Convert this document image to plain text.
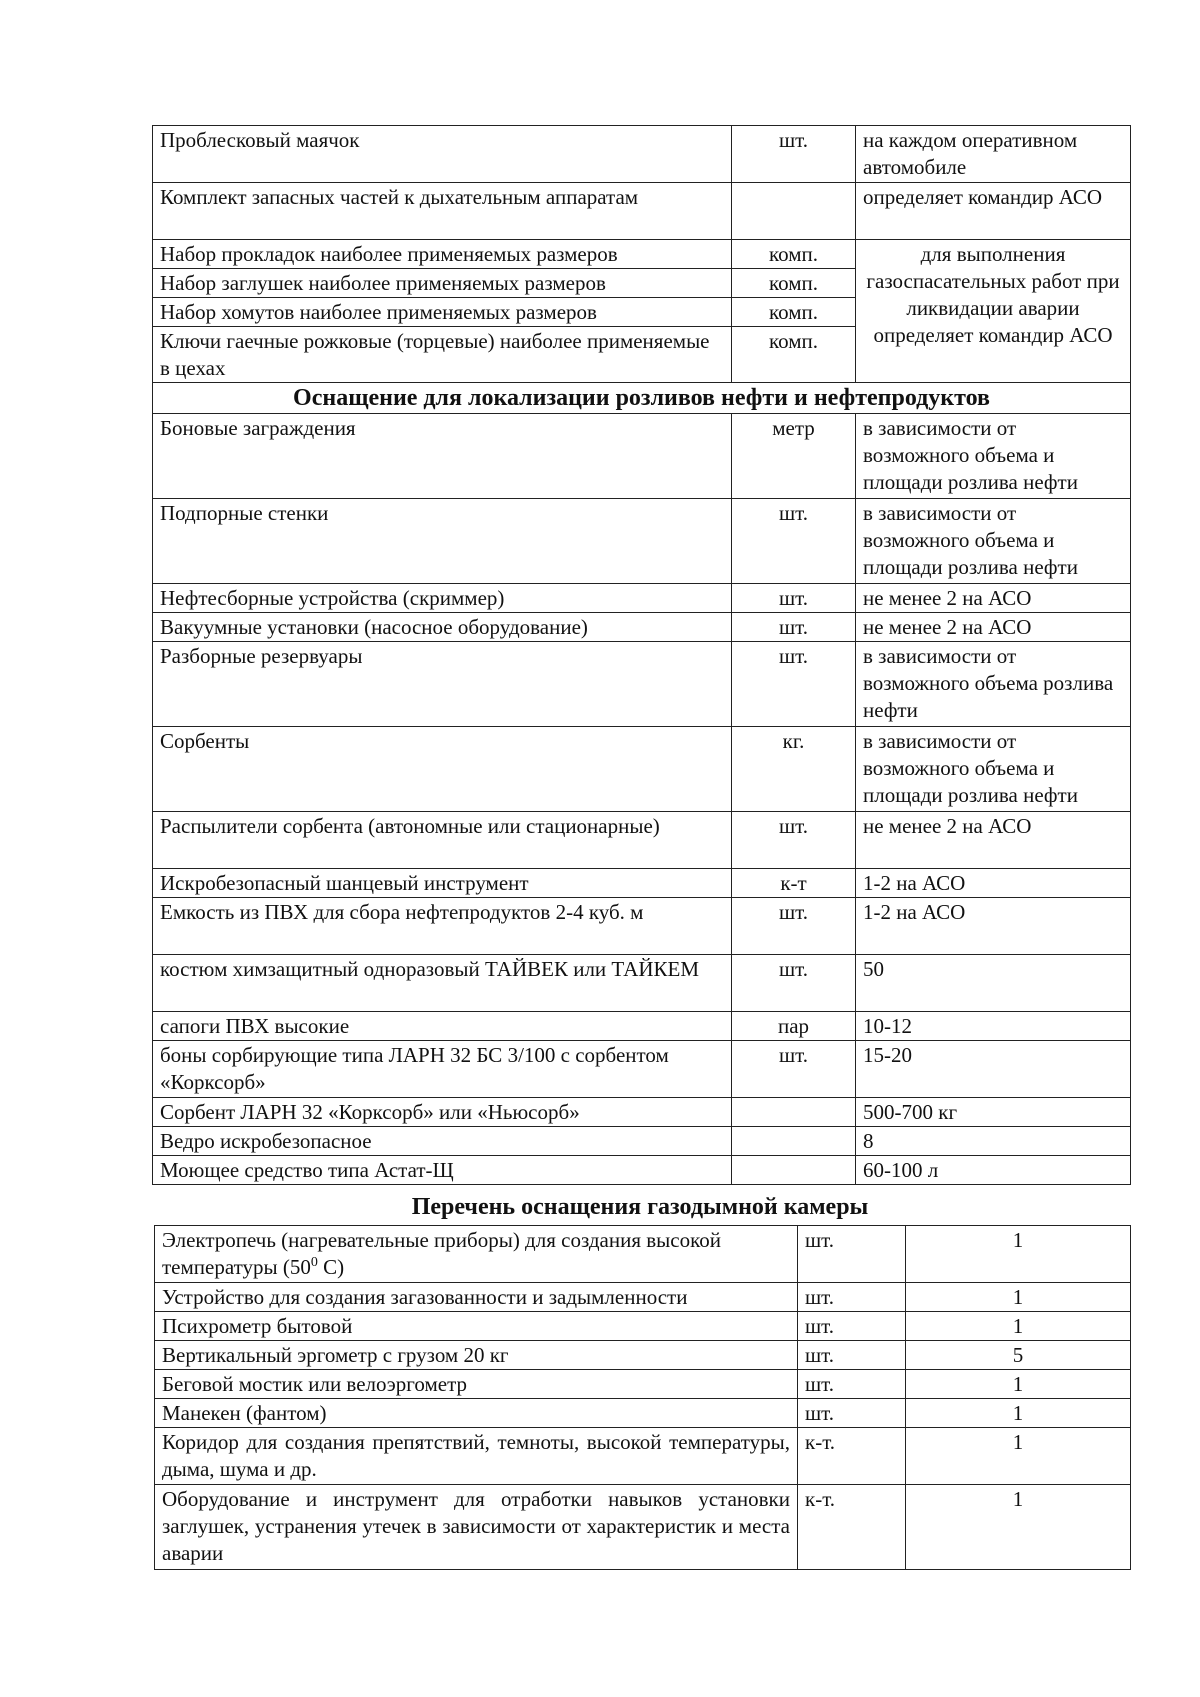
Проблесковый маячок	шт.	на каждом оперативном автомобиле
Комплект запасных частей к дыхательным аппаратам		определяет командир АСО
Набор прокладок наиболее применяемых размеров	комп.	для выполнения газоспасательных работ при ликвидации аварии определяет командир АСО
Набор заглушек наиболее применяемых размеров	комп.	
Набор хомутов наиболее применяемых размеров	комп.	
Ключи гаечные рожковые (торцевые) наиболее применяемые в цехах	комп.	
Оснащение для локализации розливов нефти и нефтепродуктов		
Боновые заграждения	метр	в зависимости от возможного объема и площади розлива нефти
Подпорные стенки	шт.	в зависимости от возможного объема и площади розлива нефти
Нефтесборные устройства (скриммер)	шт.	не менее 2 на АСО
Вакуумные установки (насосное оборудование)	шт.	не менее 2 на АСО
Разборные резервуары	шт.	в зависимости от возможного объема розлива нефти
Сорбенты	кг.	в зависимости от возможного объема и площади розлива нефти
Распылители сорбента (автономные или стационарные)	шт.	не менее 2 на АСО
Искробезопасный шанцевый инструмент	к-т	1-2 на АСО
Емкость из ПВХ для сбора нефтепродуктов 2-4 куб. м	шт.	1-2 на АСО
костюм химзащитный одноразовый ТАЙВЕК или ТАЙКЕМ	шт.	50
сапоги ПВХ высокие	пар	10-12
боны сорбирующие типа ЛАРН 32 БС 3/100 с сорбентом «Корксорб»	шт.	15-20
Сорбент ЛАРН 32 «Корксорб» или «Ньюсорб»		500-700 кг
Ведро искробезопасное		8
Моющее средство типа Астат-Щ		60-100 л
Перечень оснащения газодымной камеры
Электропечь (нагревательные приборы) для создания высокой температуры ($50^0$ С)	шт.	1
Устройство для создания загазованности и задымленности	шт.	1
Психрометр бытовой	шт.	1
Вертикальный эргометр с грузом 20 кг	шт.	5
Беговой мостик или велоэргометр	шт.	1
Манекен (фантом)	шт.	1
Коридор для создания препятствий, темноты, высокой температуры, дыма, шума и др.	к-т.	1
Оборудование и инструмент для отработки навыков установки заглушек, устранения утечек в зависимости от характеристик и места аварии	к-т.	1
